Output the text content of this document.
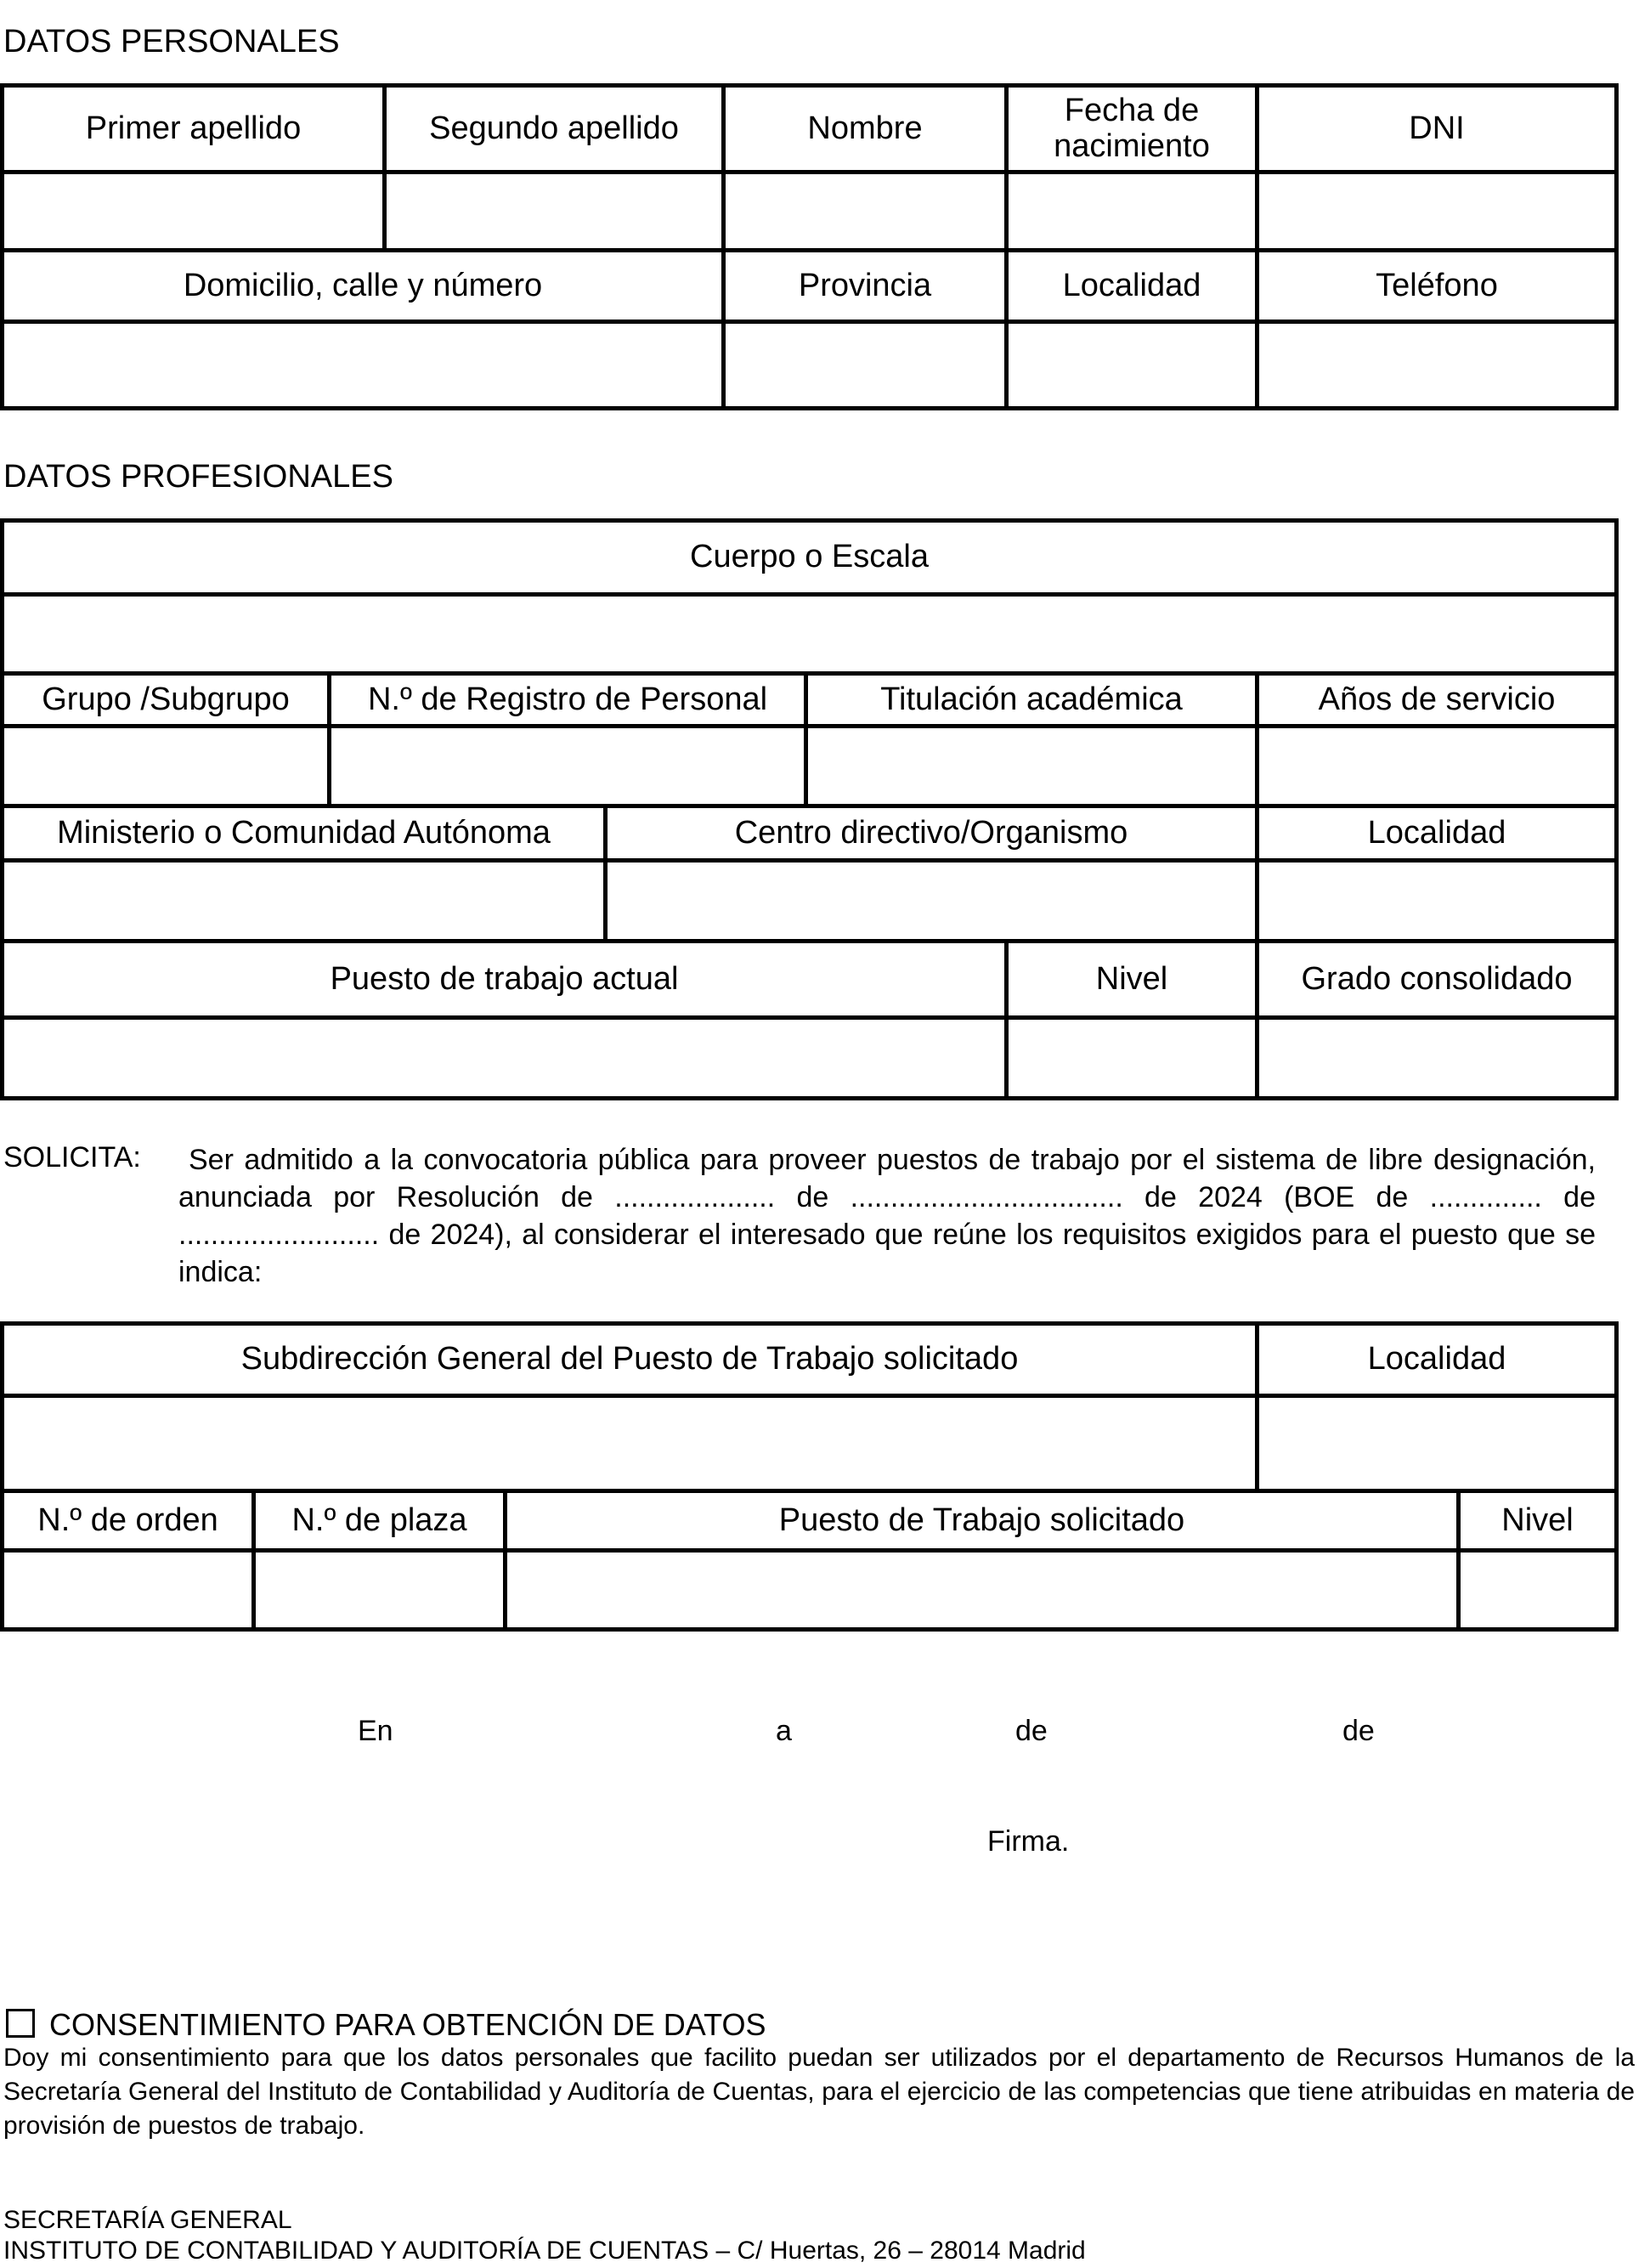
DATOS PERSONALES
Primer apellido	Segundo apellido	Nombre	Fecha de nacimiento	DNI
Domicilio, calle y número	Provincia	Localidad	Teléfono
DATOS PROFESIONALES
Cuerpo o Escala
Grupo /Subgrupo	N.º de Registro de Personal	Titulación académica	Años de servicio
Ministerio o Comunidad Autónoma	Centro directivo/Organismo	Localidad
Puesto de trabajo actual	Nivel	Grado consolidado
SOLICITA:	Ser admitido a la convocatoria pública para proveer puestos de trabajo por el sistema de libre designación, anunciada por Resolución de .................... de .................................. de 2024 (BOE de .............. de ......................... de 2024), al considerar el interesado que reúne los requisitos exigidos para el puesto que se indica:
Subdirección General del Puesto de Trabajo solicitado	Localidad
N.º de orden	N.º de plaza	Puesto de Trabajo solicitado	Nivel
En	a	de	de
Firma.
CONSENTIMIENTO PARA OBTENCIÓN DE DATOS
Doy mi consentimiento para que los datos personales que facilito puedan ser utilizados por el departamento de Recursos Humanos de la Secretaría General del Instituto de Contabilidad y Auditoría de Cuentas, para el ejercicio de las competencias que tiene atribuidas en materia de provisión de puestos de trabajo.
SECRETARÍA GENERAL
INSTITUTO DE CONTABILIDAD Y AUDITORÍA DE CUENTAS – C/ Huertas, 26 – 28014 Madrid
